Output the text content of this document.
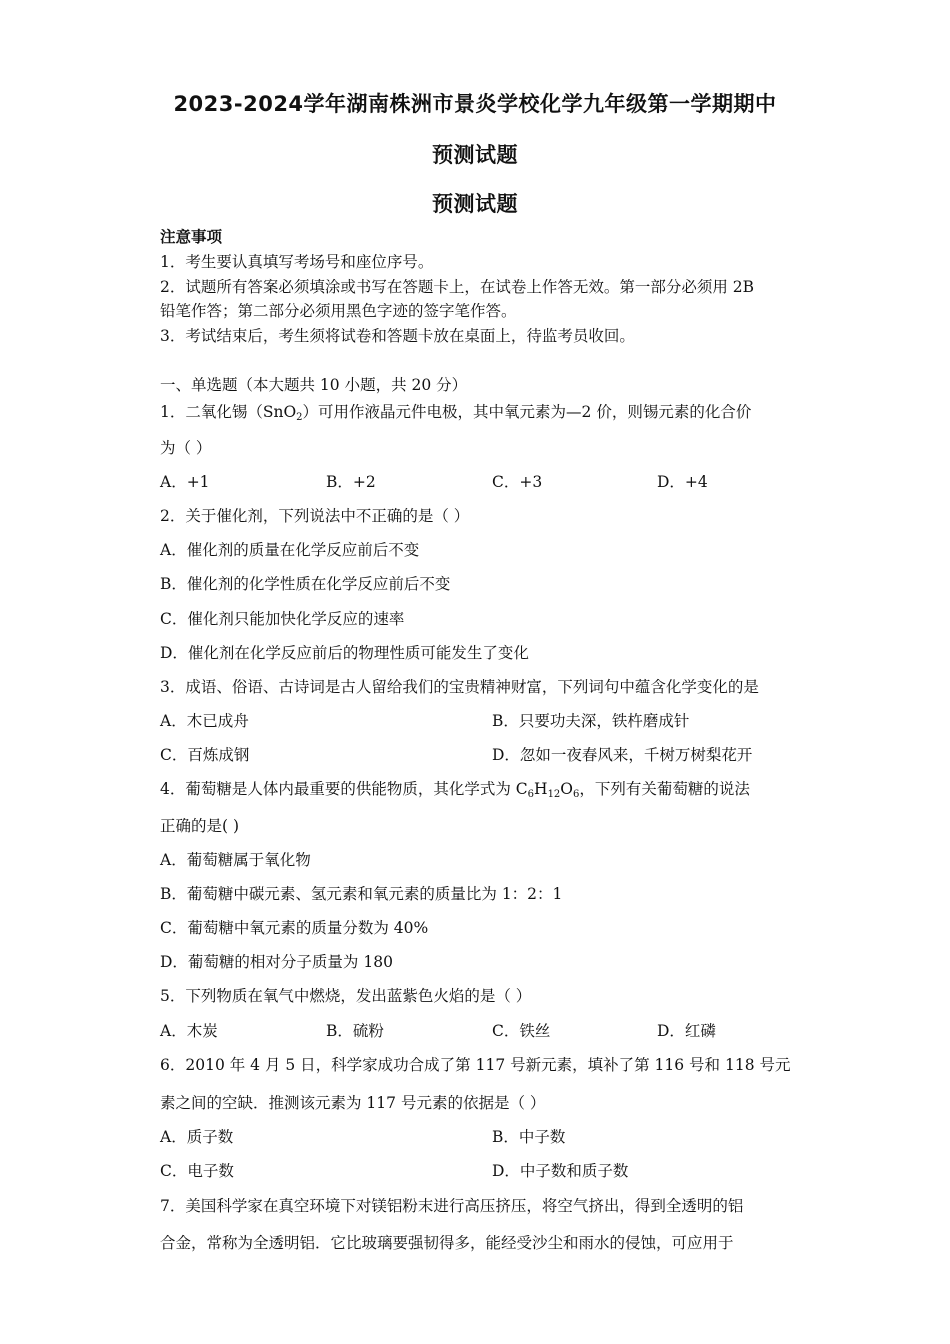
2023-2024学年湖南株洲市景炎学校化学九年级第一学期期中
预测试题
预测试题
注意事项
1．考生要认真填写考场号和座位序号。
2．试题所有答案必须填涂或书写在答题卡上，在试卷上作答无效。第一部分必须用 2B
铅笔作答；第二部分必须用黑色字迹的签字笔作答。
3．考试结束后，考生须将试卷和答题卡放在桌面上，待监考员收回。
一、单选题（本大题共 10 小题，共 20 分）
1．二氧化锡（SnO$_2$）可用作液晶元件电极，其中氧元素为—2 价，则锡元素的化合价
为（ ）
A．+1	B．+2	C．+3	D．+4
2．关于催化剂，下列说法中不正确的是（ ）
A．催化剂的质量在化学反应前后不变
B．催化剂的化学性质在化学反应前后不变
C．催化剂只能加快化学反应的速率
D．催化剂在化学反应前后的物理性质可能发生了变化
3．成语、俗语、古诗词是古人留给我们的宝贵精神财富，下列词句中蕴含化学变化的是
A．木已成舟	B．只要功夫深，铁杵磨成针
C．百炼成钢	D．忽如一夜春风来，千树万树梨花开
4．葡萄糖是人体内最重要的供能物质，其化学式为 $C_6H_{12}O_6$，下列有关葡萄糖的说法
正确的是( )
A．葡萄糖属于氧化物
B．葡萄糖中碳元素、氢元素和氧元素的质量比为 1：2：1
C．葡萄糖中氧元素的质量分数为 40%
D．葡萄糖的相对分子质量为 180
5．下列物质在氧气中燃烧，发出蓝紫色火焰的是（ ）
A．木炭	B．硫粉	C．铁丝	D．红磷
6．2010 年 4 月 5 日，科学家成功合成了第 117 号新元素，填补了第 116 号和 118 号元
素之间的空缺．推测该元素为 117 号元素的依据是（ ）
A．质子数	B．中子数
C．电子数	D．中子数和质子数
7．美国科学家在真空环境下对镁铝粉末进行高压挤压，将空气挤出，得到全透明的铝
合金，常称为全透明铝．它比玻璃要强韧得多，能经受沙尘和雨水的侵蚀，可应用于
